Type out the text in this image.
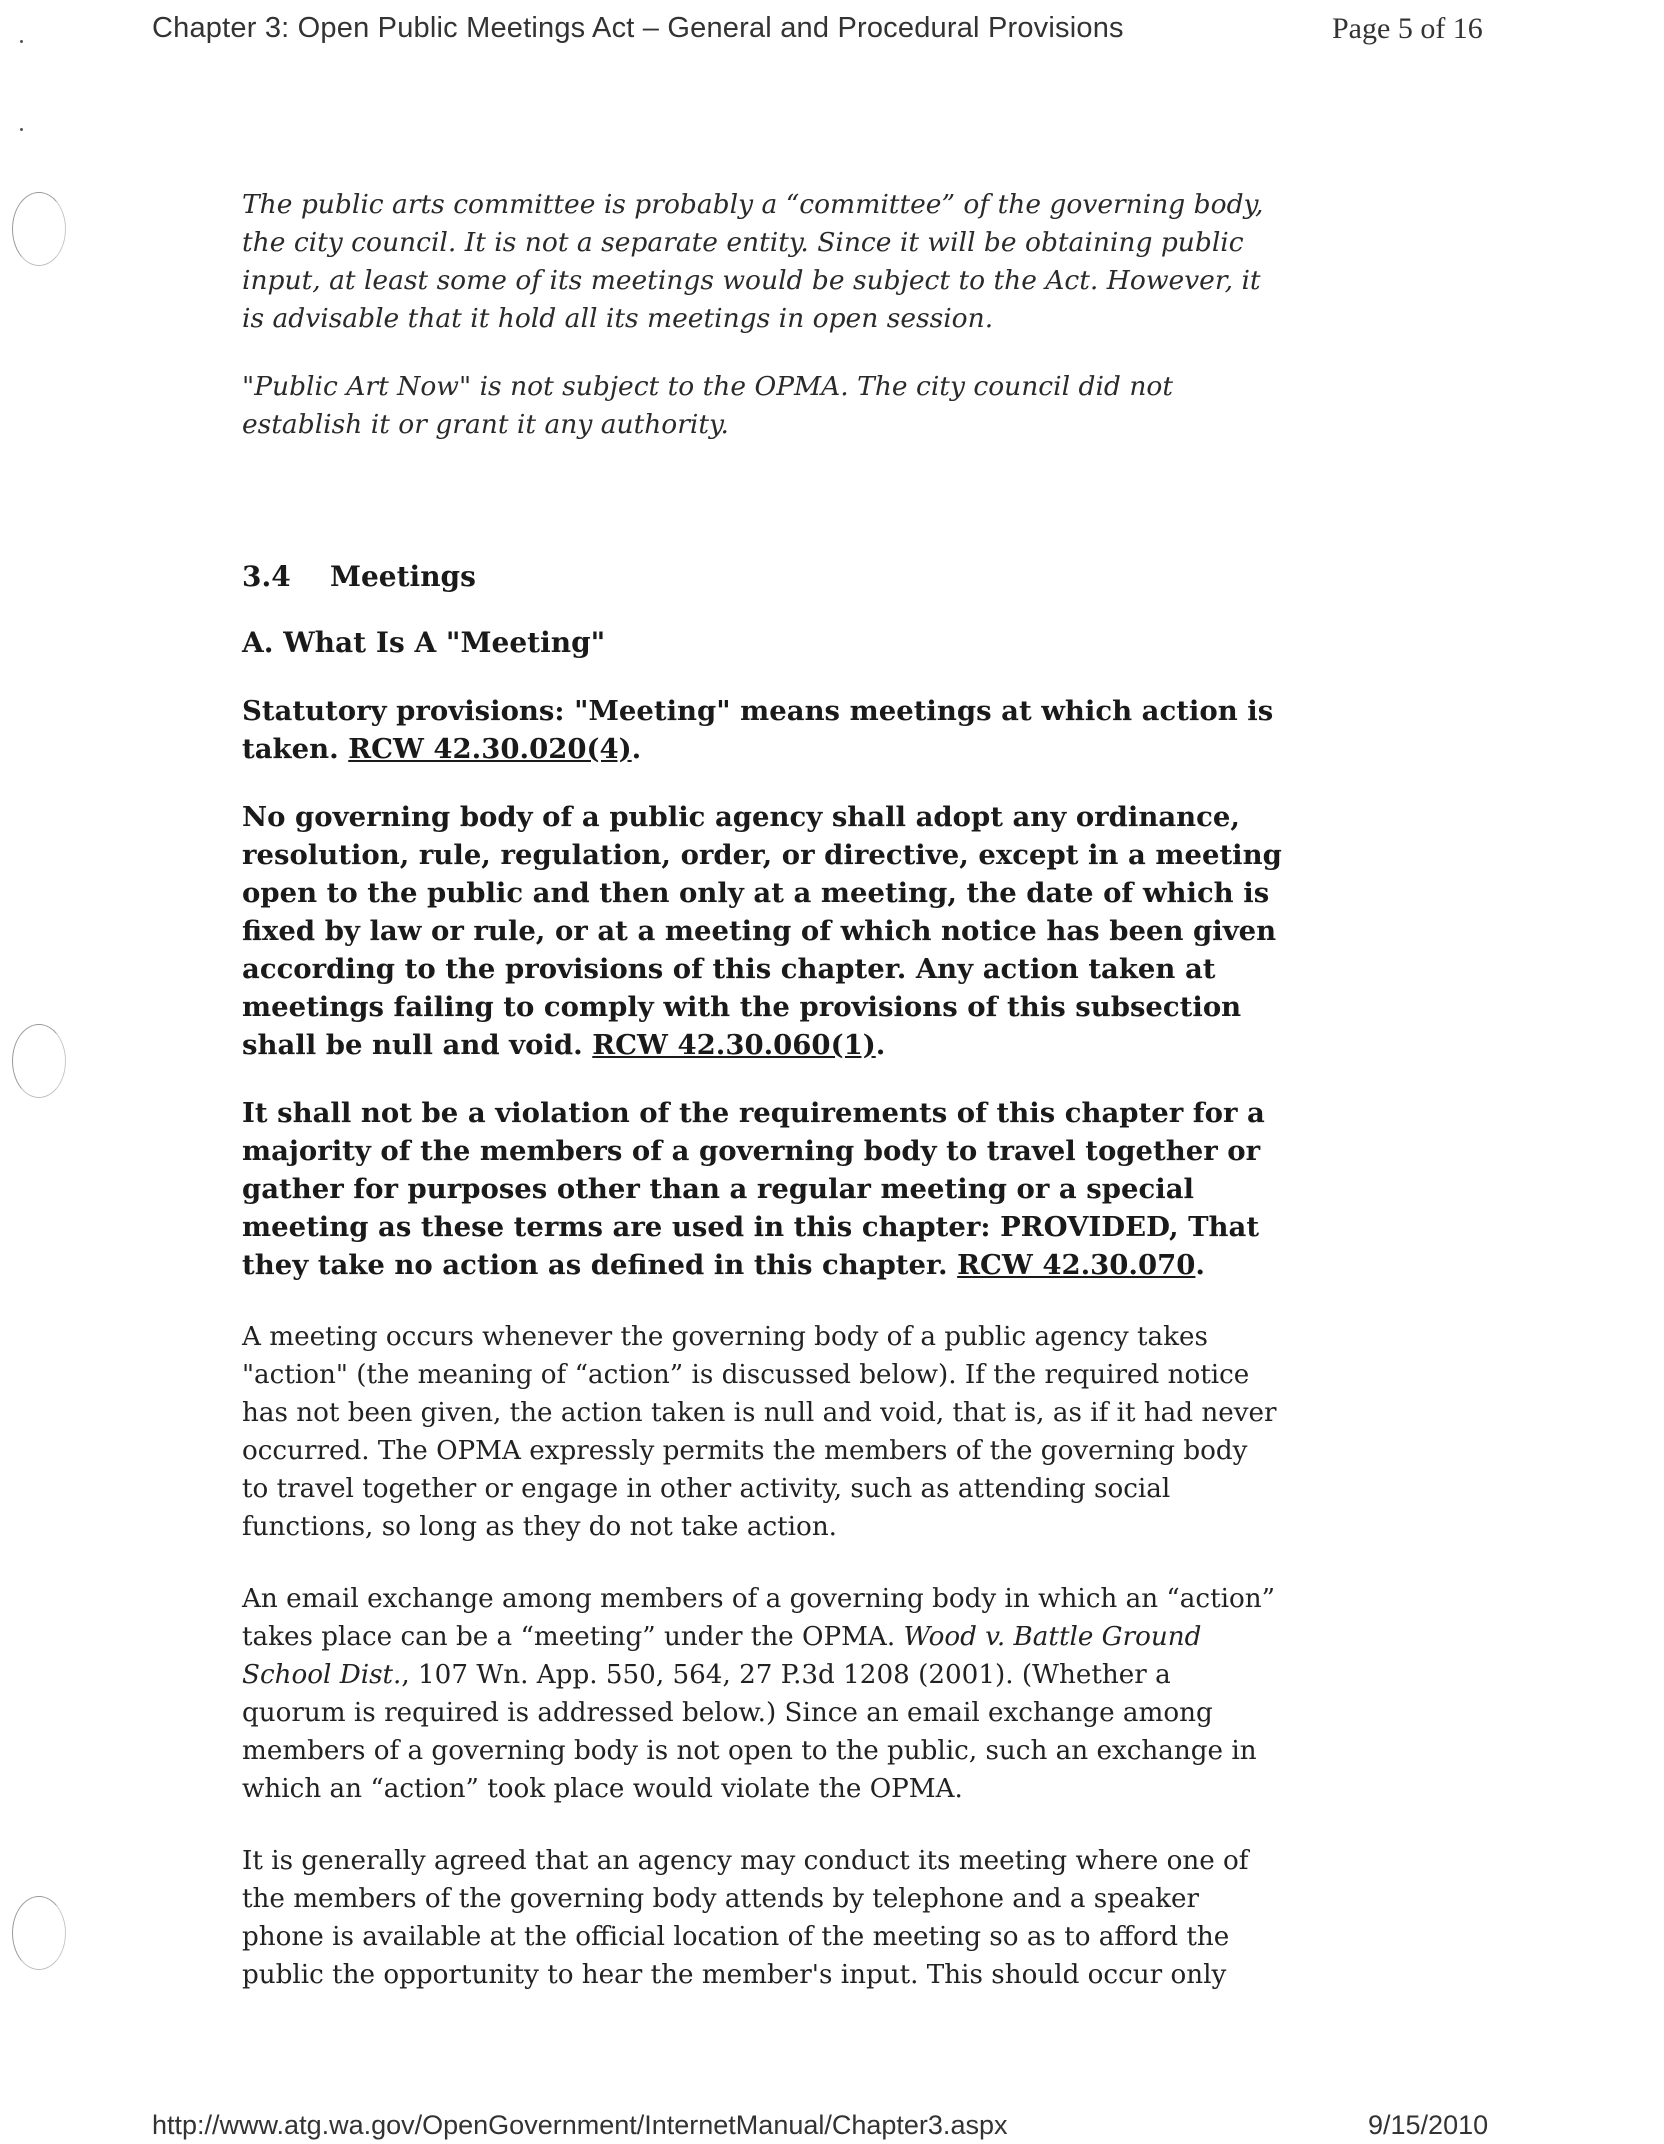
Chapter 3: Open Public Meetings Act – General and Procedural Provisions	Page 5 of 16

The public arts committee is probably a “committee” of the governing body, the city council. It is not a separate entity. Since it will be obtaining public input, at least some of its meetings would be subject to the Act. However, it is advisable that it hold all its meetings in open session.

"Public Art Now" is not subject to the OPMA. The city council did not establish it or grant it any authority.

3.4 Meetings
A. What Is A "Meeting"

Statutory provisions: "Meeting" means meetings at which action is taken. RCW 42.30.020(4).

No governing body of a public agency shall adopt any ordinance, resolution, rule, regulation, order, or directive, except in a meeting open to the public and then only at a meeting, the date of which is fixed by law or rule, or at a meeting of which notice has been given according to the provisions of this chapter. Any action taken at meetings failing to comply with the provisions of this subsection shall be null and void. RCW 42.30.060(1).

It shall not be a violation of the requirements of this chapter for a majority of the members of a governing body to travel together or gather for purposes other than a regular meeting or a special meeting as these terms are used in this chapter: PROVIDED, That they take no action as defined in this chapter. RCW 42.30.070.

A meeting occurs whenever the governing body of a public agency takes "action" (the meaning of “action” is discussed below). If the required notice has not been given, the action taken is null and void, that is, as if it had never occurred. The OPMA expressly permits the members of the governing body to travel together or engage in other activity, such as attending social functions, so long as they do not take action.

An email exchange among members of a governing body in which an “action” takes place can be a “meeting” under the OPMA. Wood v. Battle Ground School Dist., 107 Wn. App. 550, 564, 27 P.3d 1208 (2001). (Whether a quorum is required is addressed below.) Since an email exchange among members of a governing body is not open to the public, such an exchange in which an “action” took place would violate the OPMA.

It is generally agreed that an agency may conduct its meeting where one of the members of the governing body attends by telephone and a speaker phone is available at the official location of the meeting so as to afford the public the opportunity to hear the member's input. This should occur only

http://www.atg.wa.gov/OpenGovernment/InternetManual/Chapter3.aspx	9/15/2010
